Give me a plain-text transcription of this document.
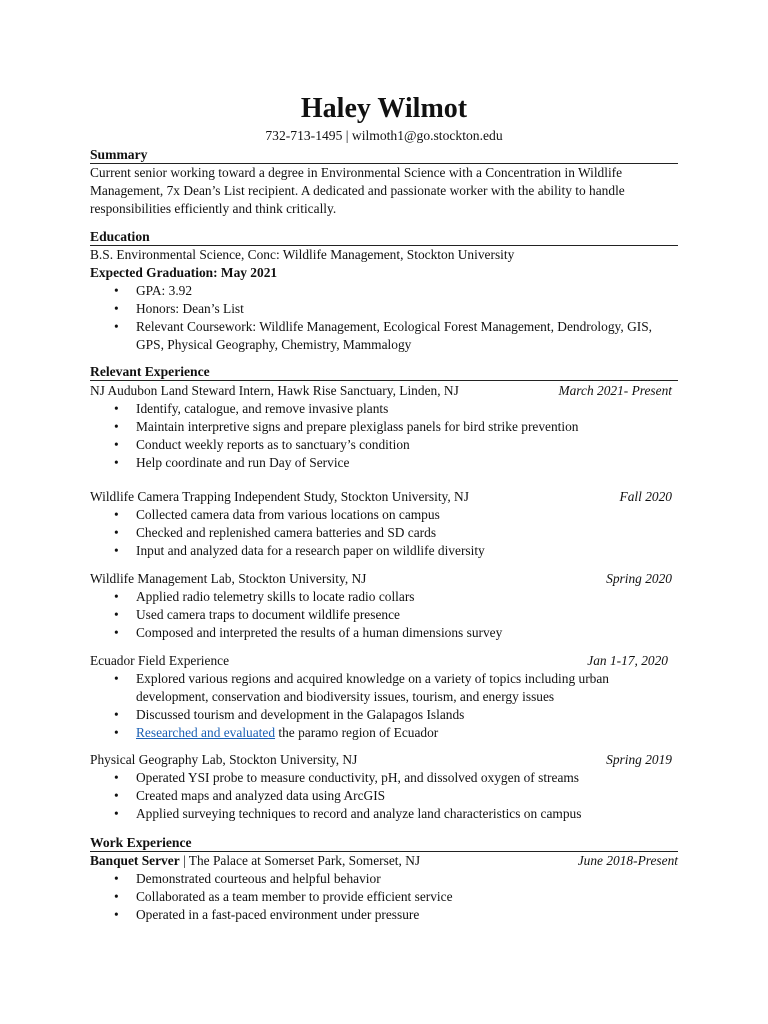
Haley Wilmot
732-713-1495 | wilmoth1@go.stockton.edu
Summary

Current senior working toward a degree in Environmental Science with a Concentration in Wildlife Management, 7x Dean’s List recipient. A dedicated and passionate worker with the ability to handle responsibilities efficiently and think critically.

Education
B.S. Environmental Science, Conc: Wildlife Management, Stockton University
Expected Graduation: May 2021
• GPA: 3.92
• Honors: Dean’s List
• Relevant Coursework: Wildlife Management, Ecological Forest Management, Dendrology, GIS, GPS, Physical Geography, Chemistry, Mammalogy
Relevant Experience
NJ Audubon Land Steward Intern, Hawk Rise Sanctuary, Linden, NJ	March 2021- Present
• Identify, catalogue, and remove invasive plants
• Maintain interpretive signs and prepare plexiglass panels for bird strike prevention
• Conduct weekly reports as to sanctuary’s condition
• Help coordinate and run Day of Service
Wildlife Camera Trapping Independent Study, Stockton University, NJ	Fall 2020
• Collected camera data from various locations on campus
• Checked and replenished camera batteries and SD cards
• Input and analyzed data for a research paper on wildlife diversity
Wildlife Management Lab, Stockton University, NJ	Spring 2020
• Applied radio telemetry skills to locate radio collars
• Used camera traps to document wildlife presence
• Composed and interpreted the results of a human dimensions survey
Ecuador Field Experience	Jan 1-17, 2020
• Explored various regions and acquired knowledge on a variety of topics including urban development, conservation and biodiversity issues, tourism, and energy issues
• Discussed tourism and development in the Galapagos Islands
• Researched and evaluated the paramo region of Ecuador
Physical Geography Lab, Stockton University, NJ	Spring 2019
• Operated YSI probe to measure conductivity, pH, and dissolved oxygen of streams
• Created maps and analyzed data using ArcGIS
• Applied surveying techniques to record and analyze land characteristics on campus
Work Experience
Banquet Server | The Palace at Somerset Park, Somerset, NJ	June 2018-Present
• Demonstrated courteous and helpful behavior
• Collaborated as a team member to provide efficient service
• Operated in a fast-paced environment under pressure
